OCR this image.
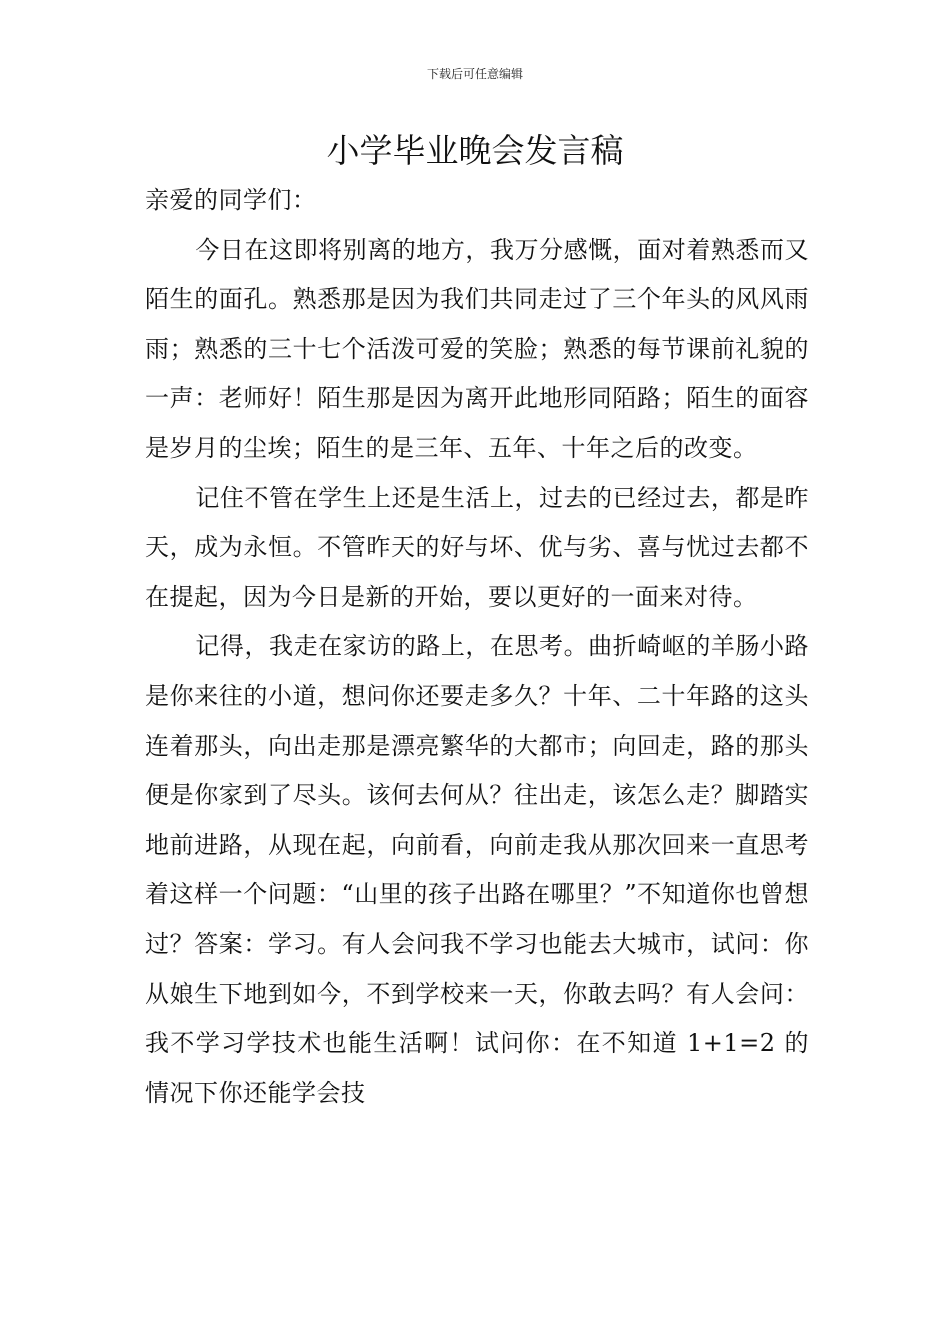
下载后可任意编辑
小学毕业晚会发言稿

亲爱的同学们：

今日在这即将别离的地方，我万分感慨，面对着熟悉而又陌生的面孔。熟悉那是因为我们共同走过了三个年头的风风雨雨；熟悉的三十七个活泼可爱的笑脸；熟悉的每节课前礼貌的一声：老师好！陌生那是因为离开此地形同陌路；陌生的面容是岁月的尘埃；陌生的是三年、五年、十年之后的改变。

记住不管在学生上还是生活上，过去的已经过去，都是昨天，成为永恒。不管昨天的好与坏、优与劣、喜与忧过去都不在提起，因为今日是新的开始，要以更好的一面来对待。

记得，我走在家访的路上，在思考。曲折崎岖的羊肠小路是你来往的小道，想问你还要走多久？十年、二十年路的这头连着那头，向出走那是漂亮繁华的大都市；向回走，路的那头便是你家到了尽头。该何去何从？往出走，该怎么走？脚踏实地前进路，从现在起，向前看，向前走我从那次回来一直思考着这样一个问题：“山里的孩子出路在哪里？”不知道你也曾想过？答案：学习。有人会问我不学习也能去大城市，试问：你从娘生下地到如今，不到学校来一天，你敢去吗？有人会问：我不学习学技术也能生活啊！试问你：在不知道 1+1=2 的情况下你还能学会技
